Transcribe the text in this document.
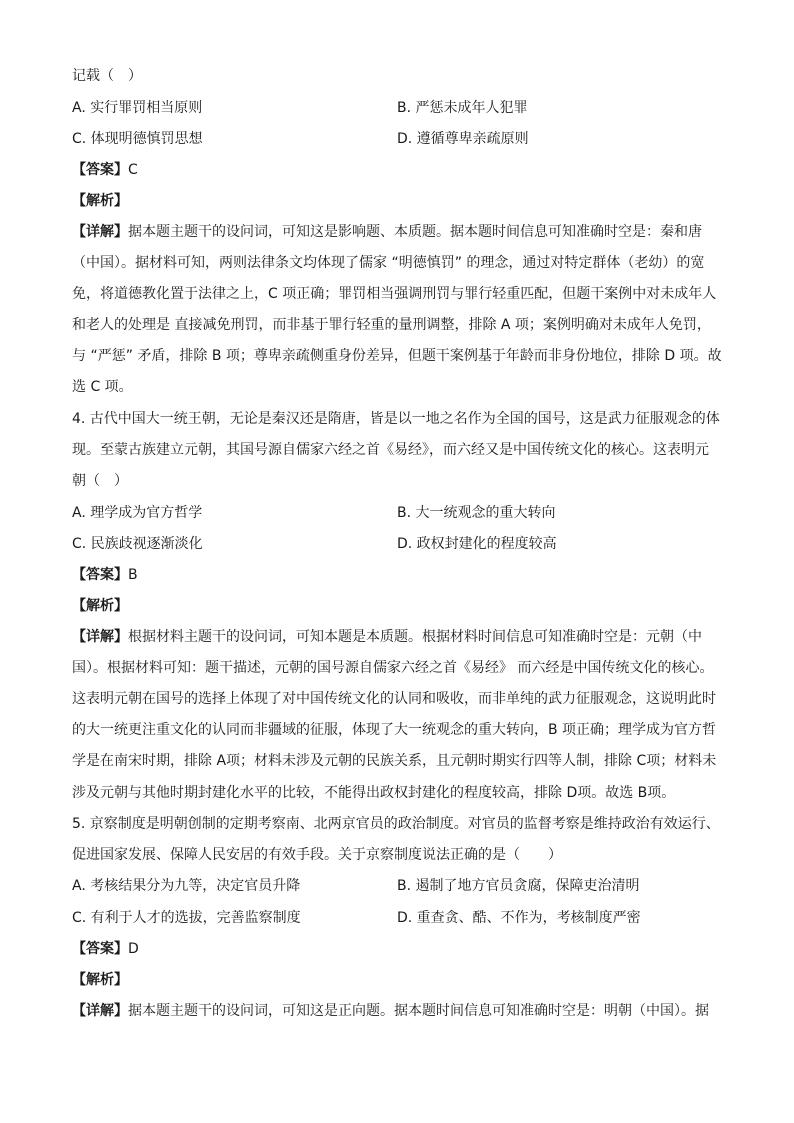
记载（　）
A. 实行罪罚相当原则	B. 严惩未成年人犯罪
C. 体现明德慎罚思想	D. 遵循尊卑亲疏原则
【答案】C
【解析】
【详解】据本题主题干的设问词，可知这是影响题、本质题。据本题时间信息可知准确时空是：秦和唐
（中国）。据材料可知，两则法律条文均体现了儒家 “明德慎罚” 的理念，通过对特定群体（老幼）的宽
免，将道德教化置于法律之上，C 项正确；罪罚相当强调刑罚与罪行轻重匹配，但题干案例中对未成年人
和老人的处理是 直接减免刑罚，而非基于罪行轻重的量刑调整，排除 A 项；案例明确对未成年人免罚，
与 “严惩” 矛盾，排除 B 项；尊卑亲疏侧重身份差异，但题干案例基于年龄而非身份地位，排除 D 项。故
选 C 项。
4. 古代中国大一统王朝，无论是秦汉还是隋唐，皆是以一地之名作为全国的国号，这是武力征服观念的体
现。至蒙古族建立元朝，其国号源自儒家六经之首《易经》，而六经又是中国传统文化的核心。这表明元
朝（　）
A. 理学成为官方哲学	B. 大一统观念的重大转向
C. 民族歧视逐渐淡化	D. 政权封建化的程度较高
【答案】B
【解析】
【详解】根据材料主题干的设问词，可知本题是本质题。根据材料时间信息可知准确时空是：元朝（中
国）。根据材料可知：题干描述，元朝的国号源自儒家六经之首《易经》 而六经是中国传统文化的核心。
这表明元朝在国号的选择上体现了对中国传统文化的认同和吸收，而非单纯的武力征服观念，这说明此时
的大一统更注重文化的认同而非疆域的征服，体现了大一统观念的重大转向，B 项正确；理学成为官方哲
学是在南宋时期，排除 A项；材料未涉及元朝的民族关系，且元朝时期实行四等人制，排除 C项；材料未
涉及元朝与其他时期封建化水平的比较，不能得出政权封建化的程度较高，排除 D项。故选 B项。
5. 京察制度是明朝创制的定期考察南、北两京官员的政治制度。对官员的监督考察是维持政治有效运行、
促进国家发展、保障人民安居的有效手段。关于京察制度说法正确的是（　　）
A. 考核结果分为九等，决定官员升降	B. 遏制了地方官员贪腐，保障吏治清明
C. 有利于人才的选拔，完善监察制度	D. 重查贪、酷、不作为，考核制度严密
【答案】D
【解析】
【详解】据本题主题干的设问词，可知这是正向题。据本题时间信息可知准确时空是：明朝（中国）。据
